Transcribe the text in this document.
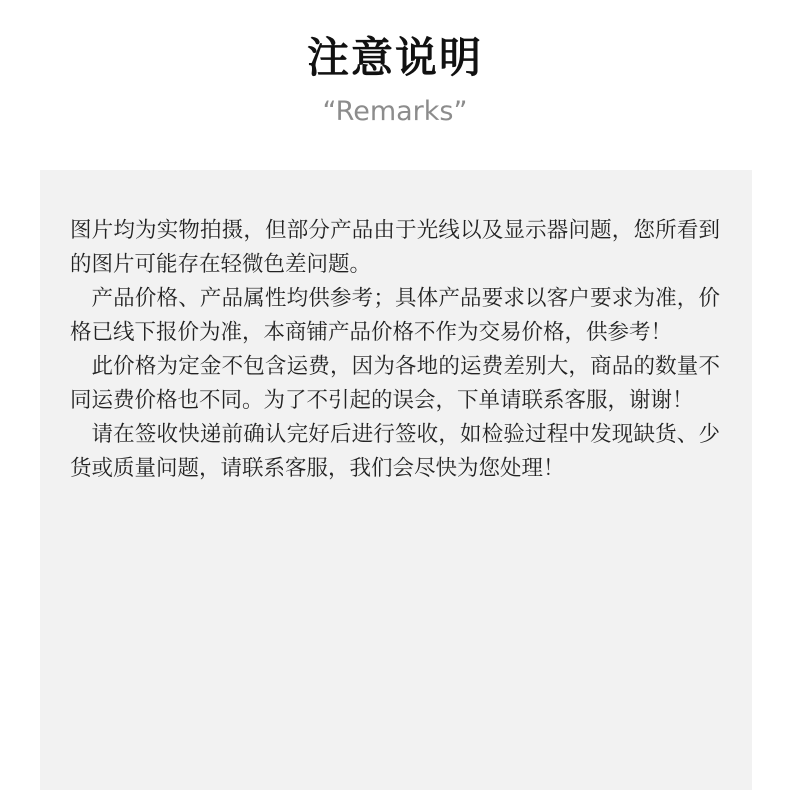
注意说明
“Remarks”

图片均为实物拍摄，但部分产品由于光线以及显示器问题，您所看到的图片可能存在轻微色差问题。

产品价格、产品属性均供参考；具体产品要求以客户要求为准，价格已线下报价为准，本商铺产品价格不作为交易价格，供参考！

此价格为定金不包含运费，因为各地的运费差别大，商品的数量不同运费价格也不同。为了不引起的误会，下单请联系客服，谢谢！

请在签收快递前确认完好后进行签收，如检验过程中发现缺货、少货或质量问题，请联系客服，我们会尽快为您处理！
